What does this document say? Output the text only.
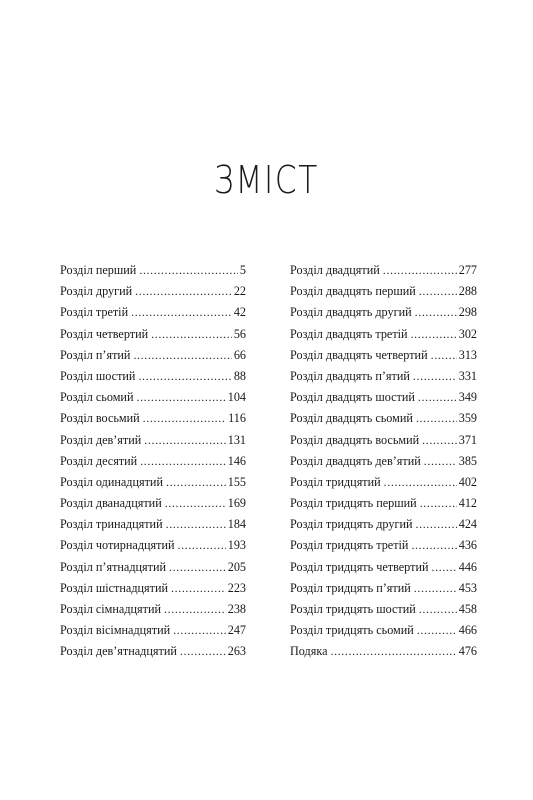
ЗМІСТ
Розділ перший .....	5
Розділ другий .....	22
Розділ третій .....	42
Розділ четвертий .....	56
Розділ п’ятий .....	66
Розділ шостий .....	88
Розділ сьомий .....	104
Розділ восьмий .....	116
Розділ дев’ятий .....	131
Розділ десятий .....	146
Розділ одинадцятий .....	155
Розділ дванадцятий .....	169
Розділ тринадцятий .....	184
Розділ чотирнадцятий .....	193
Розділ п’ятнадцятий .....	205
Розділ шістнадцятий .....	223
Розділ сімнадцятий .....	238
Розділ вісімнадцятий .....	247
Розділ дев’ятнадцятий .....	263
Розділ двадцятий .....	277
Розділ двадцять перший .....	288
Розділ двадцять другий .....	298
Розділ двадцять третій .....	302
Розділ двадцять четвертий .....	313
Розділ двадцять п’ятий .....	331
Розділ двадцять шостий .....	349
Розділ двадцять сьомий .....	359
Розділ двадцять восьмий .....	371
Розділ двадцять дев’ятий .....	385
Розділ тридцятий .....	402
Розділ тридцять перший .....	412
Розділ тридцять другий .....	424
Розділ тридцять третій .....	436
Розділ тридцять четвертий ..... 446
Розділ тридцять п’ятий .....	453
Розділ тридцять шостий .....	458
Розділ тридцять сьомий .....	466
Подяка .....	476
